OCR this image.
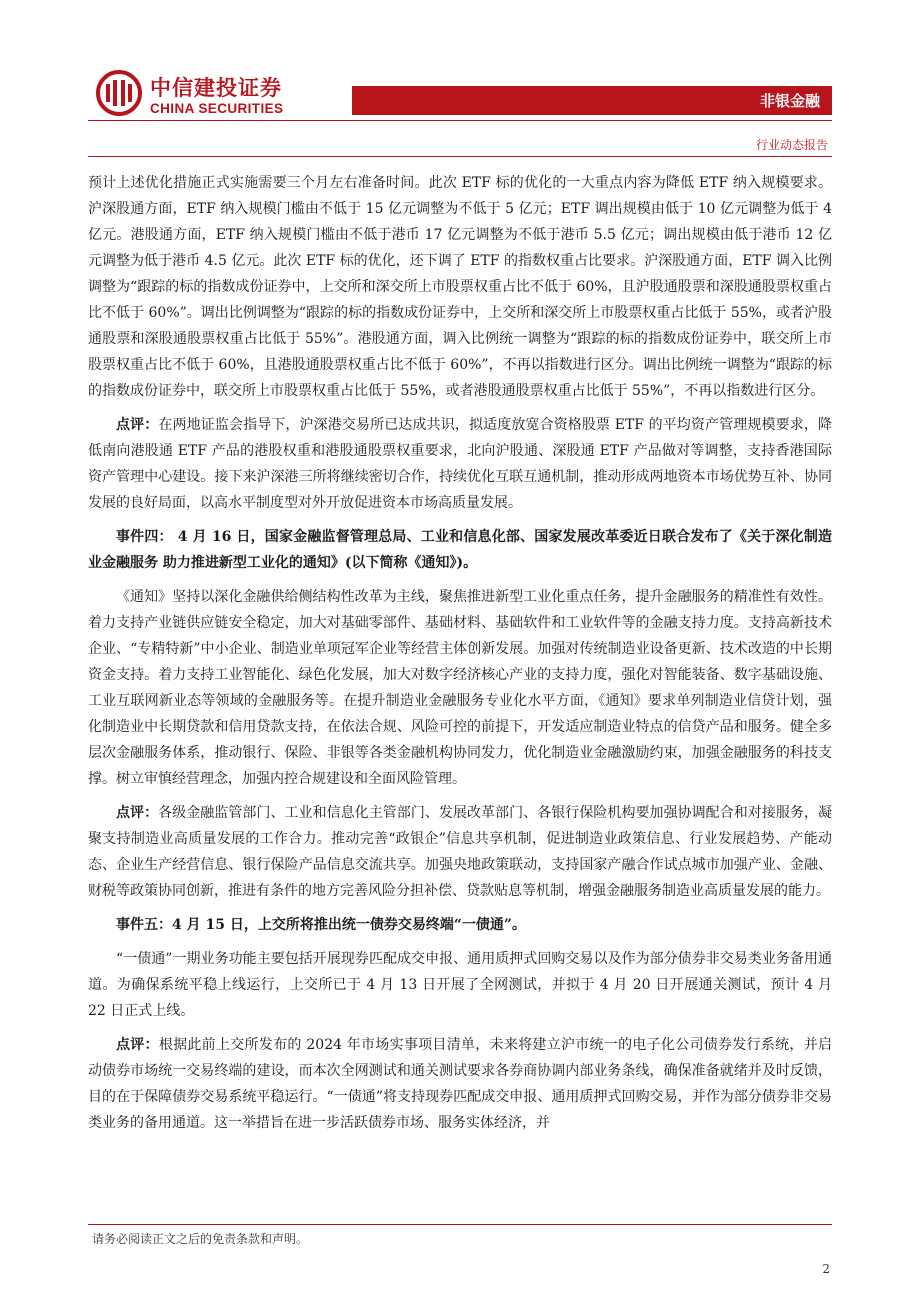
中信建投证券
CHINA SECURITIES	非银金融
行业动态报告

预计上述优化措施正式实施需要三个月左右准备时间。此次 ETF 标的优化的一大重点内容为降低 ETF 纳入规模要求。沪深股通方面，ETF 纳入规模门槛由不低于 15 亿元调整为不低于 5 亿元；ETF 调出规模由低于 10 亿元调整为低于 4 亿元。港股通方面，ETF 纳入规模门槛由不低于港币 17 亿元调整为不低于港币 5.5 亿元；调出规模由低于港币 12 亿元调整为低于港币 4.5 亿元。此次 ETF 标的优化，还下调了 ETF 的指数权重占比要求。沪深股通方面，ETF 调入比例调整为“跟踪的标的指数成份证券中，上交所和深交所上市股票权重占比不低于 60%，且沪股通股票和深股通股票权重占比不低于 60%”。调出比例调整为“跟踪的标的指数成份证券中，上交所和深交所上市股票权重占比低于 55%，或者沪股通股票和深股通股票权重占比低于 55%”。港股通方面，调入比例统一调整为“跟踪的标的指数成份证券中，联交所上市股票权重占比不低于 60%，且港股通股票权重占比不低于 60%”，不再以指数进行区分。调出比例统一调整为“跟踪的标的指数成份证券中，联交所上市股票权重占比低于 55%，或者港股通股票权重占比低于 55%”，不再以指数进行区分。

点评：在两地证监会指导下，沪深港交易所已达成共识，拟适度放宽合资格股票 ETF 的平均资产管理规模要求，降低南向港股通 ETF 产品的港股权重和港股通股票权重要求，北向沪股通、深股通 ETF 产品做对等调整，支持香港国际资产管理中心建设。接下来沪深港三所将继续密切合作，持续优化互联互通机制，推动形成两地资本市场优势互补、协同发展的良好局面，以高水平制度型对外开放促进资本市场高质量发展。

事件四： 4 月 16 日，国家金融监督管理总局、工业和信息化部、国家发展改革委近日联合发布了《关于深化制造业金融服务 助力推进新型工业化的通知》(以下简称《通知》)。

《通知》坚持以深化金融供给侧结构性改革为主线，聚焦推进新型工业化重点任务，提升金融服务的精准性有效性。着力支持产业链供应链安全稳定，加大对基础零部件、基础材料、基础软件和工业软件等的金融支持力度。支持高新技术企业、“专精特新”中小企业、制造业单项冠军企业等经营主体创新发展。加强对传统制造业设备更新、技术改造的中长期资金支持。着力支持工业智能化、绿色化发展，加大对数字经济核心产业的支持力度，强化对智能装备、数字基础设施、工业互联网新业态等领域的金融服务等。在提升制造业金融服务专业化水平方面，《通知》要求单列制造业信贷计划，强化制造业中长期贷款和信用贷款支持，在依法合规、风险可控的前提下，开发适应制造业特点的信贷产品和服务。健全多层次金融服务体系，推动银行、保险、非银等各类金融机构协同发力，优化制造业金融激励约束，加强金融服务的科技支撑。树立审慎经营理念，加强内控合规建设和全面风险管理。

点评：各级金融监管部门、工业和信息化主管部门、发展改革部门、各银行保险机构要加强协调配合和对接服务，凝聚支持制造业高质量发展的工作合力。推动完善“政银企”信息共享机制，促进制造业政策信息、行业发展趋势、产能动态、企业生产经营信息、银行保险产品信息交流共享。加强央地政策联动，支持国家产融合作试点城市加强产业、金融、财税等政策协同创新，推进有条件的地方完善风险分担补偿、贷款贴息等机制，增强金融服务制造业高质量发展的能力。

事件五：4 月 15 日，上交所将推出统一债券交易终端“一债通”。

“一债通”一期业务功能主要包括开展现券匹配成交申报、通用质押式回购交易以及作为部分债券非交易类业务备用通道。为确保系统平稳上线运行，上交所已于 4 月 13 日开展了全网测试，并拟于 4 月 20 日开展通关测试，预计 4 月 22 日正式上线。

点评：根据此前上交所发布的 2024 年市场实事项目清单，未来将建立沪市统一的电子化公司债券发行系统，并启动债券市场统一交易终端的建设，而本次全网测试和通关测试要求各券商协调内部业务条线，确保准备就绪并及时反馈，目的在于保障债券交易系统平稳运行。“一债通”将支持现券匹配成交申报、通用质押式回购交易，并作为部分债券非交易类业务的备用通道。这一举措旨在进一步活跃债券市场、服务实体经济，并

请务必阅读正文之后的免责条款和声明。
2
